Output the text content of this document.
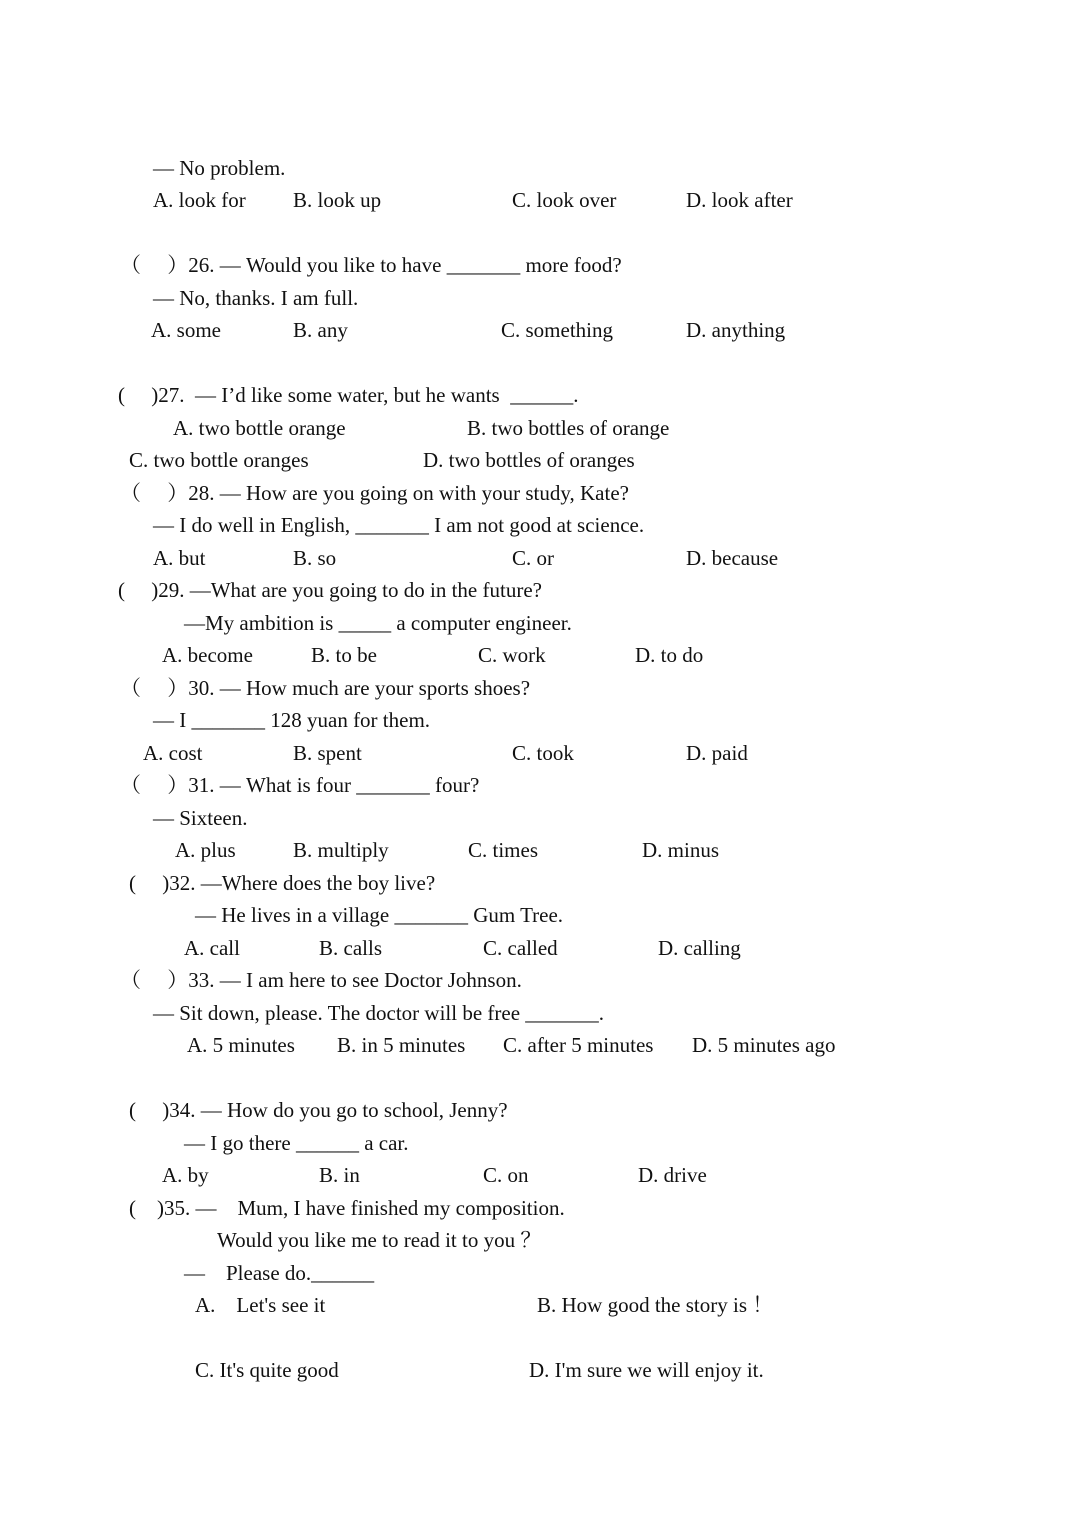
— No problem.
A. look for B. look up	C. look over	D. look after
（　 ）26. — Would you like to have _______ more food?
— No, thanks. I am full.
A. some	B. any	C. something	D. anything
(　 )27.  — I’d like some water, but he wants  ______.
A. two bottle orange	B. two bottles of orange
C. two bottle oranges	D. two bottles of oranges
（　 ）28. — How are you going on with your study, Kate?
— I do well in English, _______ I am not good at science.
A. but	B. so	C. or	D. because
(　 )29. —What are you going to do in the future?
—My ambition is _____ a computer engineer.
A. become	B. to be	C. work	D. to do
（　 ）30. — How much are your sports shoes?
— I _______ 128 yuan for them.
A. cost	B. spent	C. took	D. paid
（　 ）31. — What is four _______ four?
— Sixteen.
A. plus	B. multiply	C. times	D. minus
(　 )32. —Where does the boy live?
— He lives in a village _______ Gum Tree.
A. call	B. calls	C. called	D. calling
（　 ）33. — I am here to see Doctor Johnson.
— Sit down, please. The doctor will be free _______.
A. 5 minutes B. in 5 minutes C. after 5 minutes D. 5 minutes ago
(　 )34. — How do you go to school, Jenny?
— I go there ______ a car.
A. by	B. in	C. on	D. drive
(　)35. —　Mum, I have finished my composition.
Would you like me to read it to you ？
—　Please do.______
A.　Let's see it	B. How good the story is ！
C. It's quite good	D. I'm sure we will enjoy it.
